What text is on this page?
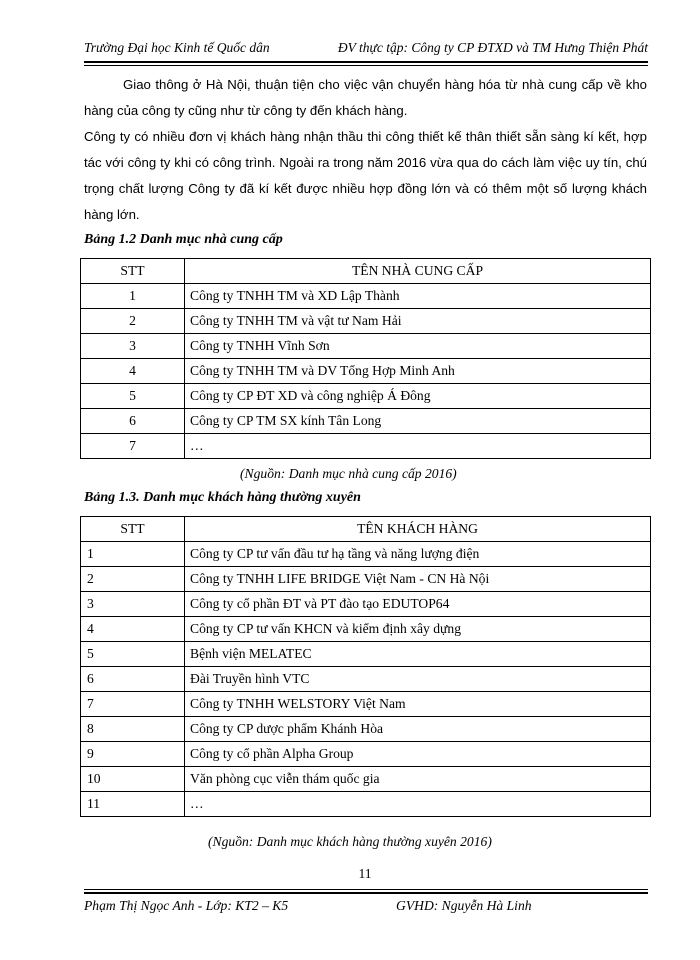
Trường Đại học Kinh tế Quốc dân	ĐV thực tập: Công ty CP ĐTXD và TM Hưng Thiện Phát
Giao thông ở Hà Nội, thuận tiện cho việc vận chuyển hàng hóa từ nhà cung cấp về kho hàng của công ty cũng như từ công ty đến khách hàng.
Công ty có nhiều đơn vị khách hàng nhận thầu thi công thiết kế thân thiết sẵn sàng kí kết, hợp tác với công ty khi có công trình. Ngoài ra trong năm 2016 vừa qua do cách làm việc uy tín, chú trọng chất lượng Công ty đã kí kết được nhiều hợp đồng lớn và có thêm một số lượng khách hàng lớn.
Bảng 1.2 Danh mục nhà cung cấp
STT	TÊN NHÀ CUNG CẤP
1	Công ty TNHH TM và XD Lập Thành
2	Công ty TNHH TM và vật tư Nam Hải
3	Công ty TNHH Vĩnh Sơn
4	Công ty TNHH TM và DV Tổng Hợp Minh Anh
5	Công ty CP ĐT XD và công nghiệp Á Đông
6	Công ty CP TM SX kính Tân Long
7	…
(Nguồn: Danh mục nhà cung cấp 2016)
Bảng 1.3. Danh mục khách hàng thường xuyên
STT	TÊN KHÁCH HÀNG
1	Công ty CP tư vấn đầu tư hạ tầng và năng lượng điện
2	Công ty TNHH LIFE BRIDGE Việt Nam - CN Hà Nội
3	Công ty cổ phần ĐT và PT đào tạo EDUTOP64
4	Công ty CP tư vấn KHCN và kiểm định xây dựng
5	Bệnh viện MELATEC
6	Đài Truyền hình VTC
7	Công ty TNHH WELSTORY Việt Nam
8	Công ty CP dược phẩm Khánh Hòa
9	Công ty cổ phần Alpha Group
10	Văn phòng cục viễn thám quốc gia
11	…
(Nguồn: Danh mục khách hàng thường xuyên 2016)
11
Phạm Thị Ngọc Anh - Lớp: KT2 – K5	GVHD: Nguyễn Hà Linh
